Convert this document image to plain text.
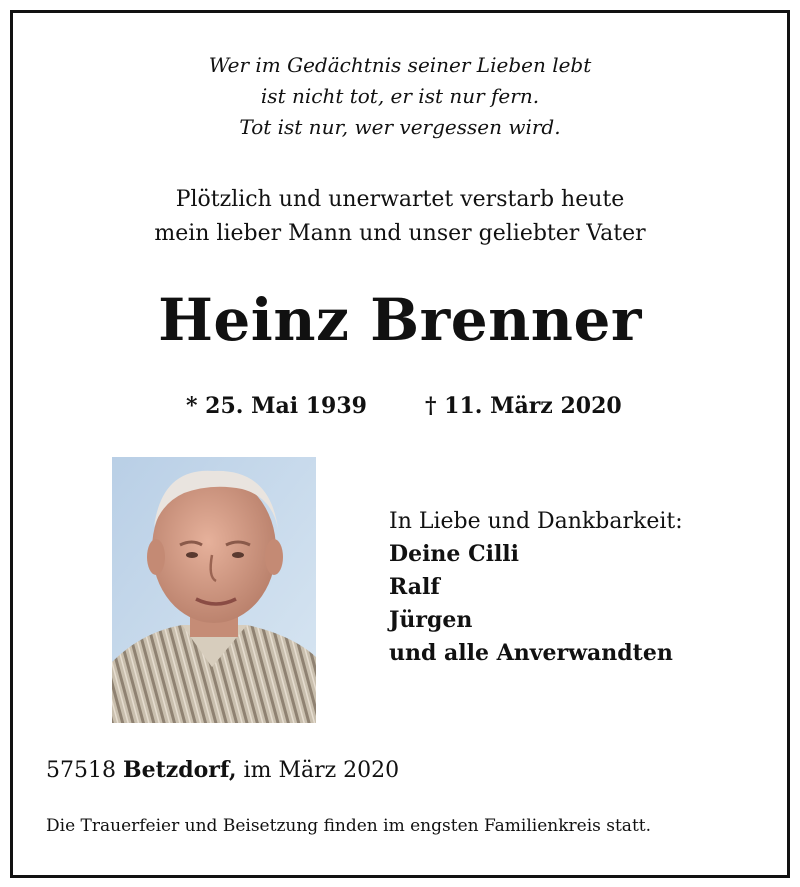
Wer im Gedächtnis seiner Lieben lebt
ist nicht tot, er ist nur fern.
Tot ist nur, wer vergessen wird.
Plötzlich und unerwartet verstarb heute
mein lieber Mann und unser geliebter Vater
Heinz Brenner
* 25. Mai 1939	† 11. März 2020
In Liebe und Dankbarkeit:
Deine Cilli
Ralf
Jürgen
und alle Anverwandten
57518 Betzdorf, im März 2020
Die Trauerfeier und Beisetzung finden im engsten Familienkreis statt.
